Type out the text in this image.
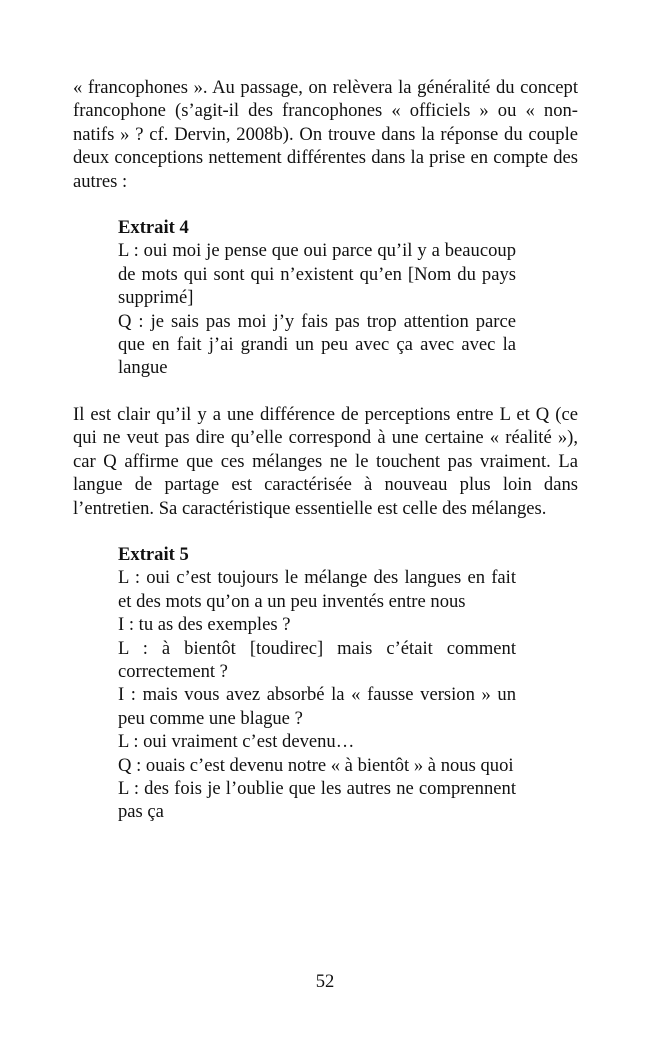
« francophones ». Au passage, on relèvera la généralité du concept francophone (s’agit-il des francophones « officiels » ou « non-natifs » ? cf. Dervin, 2008b). On trouve dans la réponse du couple deux conceptions nettement différentes dans la prise en compte des autres :

Extrait 4

L : oui moi je pense que oui parce qu’il y a beaucoup de mots qui sont qui n’existent qu’en [Nom du pays supprimé]

Q : je sais pas moi j’y fais pas trop attention parce que en fait j’ai grandi un peu avec ça avec avec la langue

Il est clair qu’il y a une différence de perceptions entre L et Q (ce qui ne veut pas dire qu’elle correspond à une certaine « réalité »), car Q affirme que ces mélanges ne le touchent pas vraiment. La langue de partage est caractérisée à nouveau plus loin dans l’entretien. Sa caractéristique essentielle est celle des mélanges.

Extrait 5

L : oui c’est toujours le mélange des langues en fait et des mots qu’on a un peu inventés entre nous

I : tu as des exemples ?

L : à bientôt [toudirec] mais c’était comment correctement ?

I : mais vous avez absorbé la « fausse version » un peu comme une blague ?

L : oui vraiment c’est devenu…

Q : ouais c’est devenu notre « à bientôt » à nous quoi

L : des fois je l’oublie que les autres ne comprennent pas ça

52
